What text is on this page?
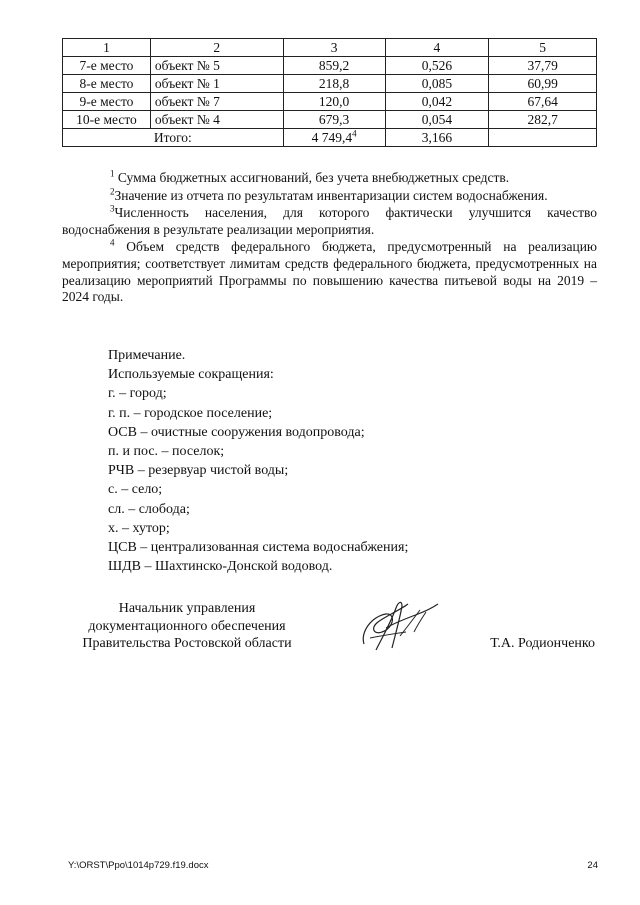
1	2	3	4	5
7-е место	объект № 5	859,2	0,526	37,79
8-е место	объект № 1	218,8	0,085	60,99
9-е место	объект № 7	120,0	0,042	67,64
10-е место	объект № 4	679,3	0,054	282,7
Итого:		4 749,4$^4$	3,166	

$^1$ Сумма бюджетных ассигнований, без учета внебюджетных средств.

$^2$Значение из отчета по результатам инвентаризации систем водоснабжения.

$^3$Численность населения, для которого фактически улучшится качество водоснабжения в результате реализации мероприятия.

$^4$ Объем средств федерального бюджета, предусмотренный на реализацию мероприятия; соответствует лимитам средств федерального бюджета, предусмотренных на реализацию мероприятий Программы по повышению качества питьевой воды на 2019 – 2024 годы.

Примечание.
Используемые сокращения:
г. – город;
г. п. – городское поселение;
ОСВ – очистные сооружения водопровода;
п. и пос. – поселок;
РЧВ – резервуар чистой воды;
с. – село;
сл. – слобода;
х. – хутор;
ЦСВ – централизованная система водоснабжения;
ШДВ – Шахтинско-Донской водовод.
Начальник управления
документационного обеспечения
Правительства Ростовской области	Т.А. Родионченко
Y:\ORST\Ppo\1014p729.f19.docx	24
